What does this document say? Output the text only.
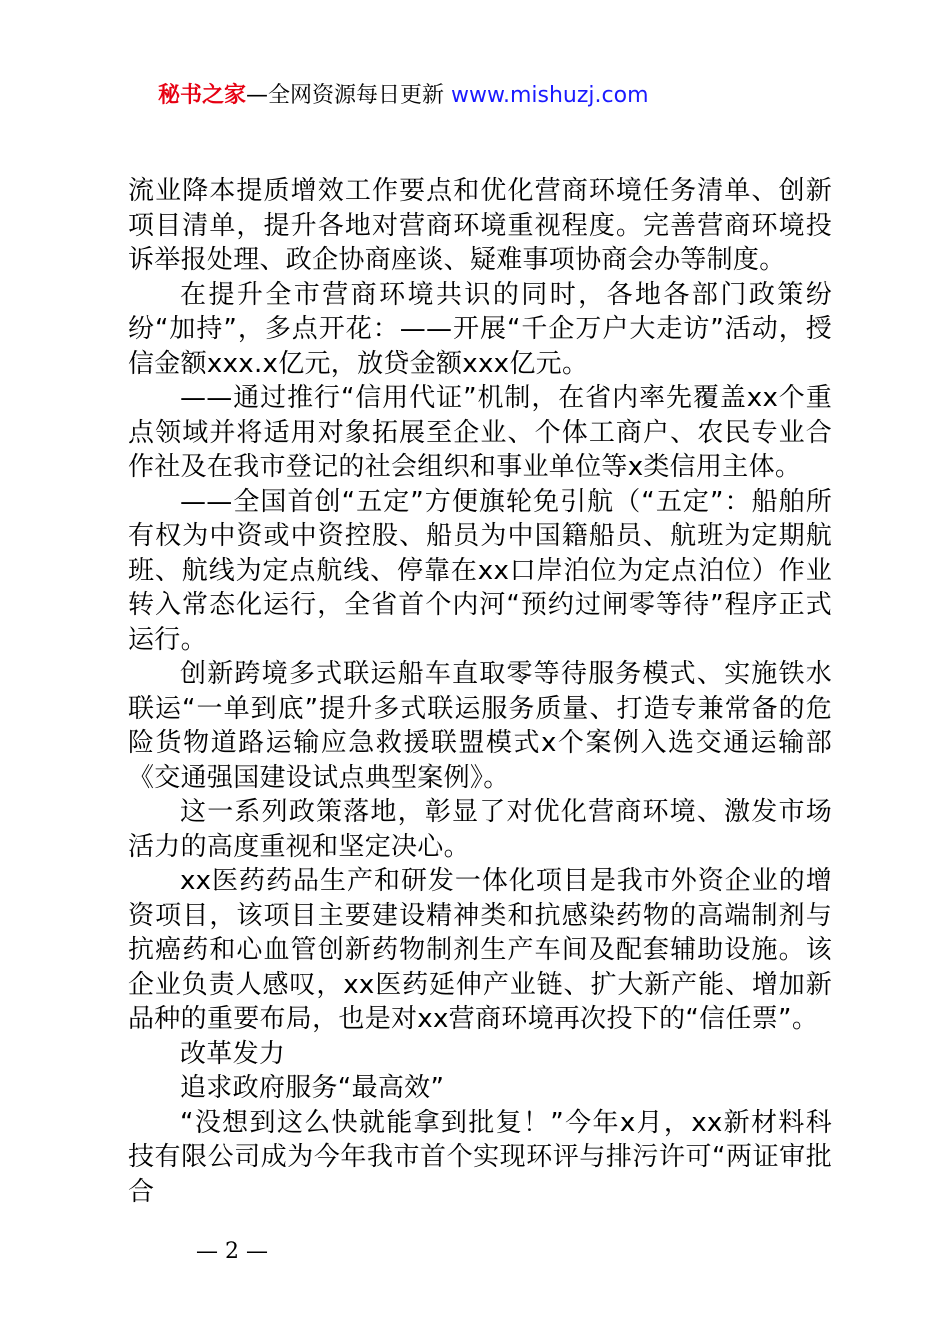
秘书之家—全网资源每日更新 www.mishuzj.com

流业降本提质增效工作要点和优化营商环境任务清单、创新项目清单，提升各地对营商环境重视程度。完善营商环境投诉举报处理、政企协商座谈、疑难事项协商会办等制度。

在提升全市营商环境共识的同时，各地各部门政策纷纷“加持”，多点开花：——开展“千企万户大走访”活动，授信金额xxx.x亿元，放贷金额xxx亿元。

——通过推行“信用代证”机制，在省内率先覆盖xx个重点领域并将适用对象拓展至企业、个体工商户、农民专业合作社及在我市登记的社会组织和事业单位等x类信用主体。

——全国首创“五定”方便旗轮免引航（“五定”：船舶所有权为中资或中资控股、船员为中国籍船员、航班为定期航班、航线为定点航线、停靠在xx口岸泊位为定点泊位）作业转入常态化运行，全省首个内河“预约过闸零等待”程序正式运行。

创新跨境多式联运船车直取零等待服务模式、实施铁水联运“一单到底”提升多式联运服务质量、打造专兼常备的危险货物道路运输应急救援联盟模式x个案例入选交通运输部《交通强国建设试点典型案例》。

这一系列政策落地，彰显了对优化营商环境、激发市场活力的高度重视和坚定决心。

xx医药药品生产和研发一体化项目是我市外资企业的增资项目，该项目主要建设精神类和抗感染药物的高端制剂与抗癌药和心血管创新药物制剂生产车间及配套辅助设施。该企业负责人感叹，xx医药延伸产业链、扩大新产能、增加新品种的重要布局，也是对xx营商环境再次投下的“信任票”。

改革发力

追求政府服务“最高效”

“没想到这么快就能拿到批复！”今年x月，xx新材料科技有限公司成为今年我市首个实现环评与排污许可“两证审批合

— 2 —
